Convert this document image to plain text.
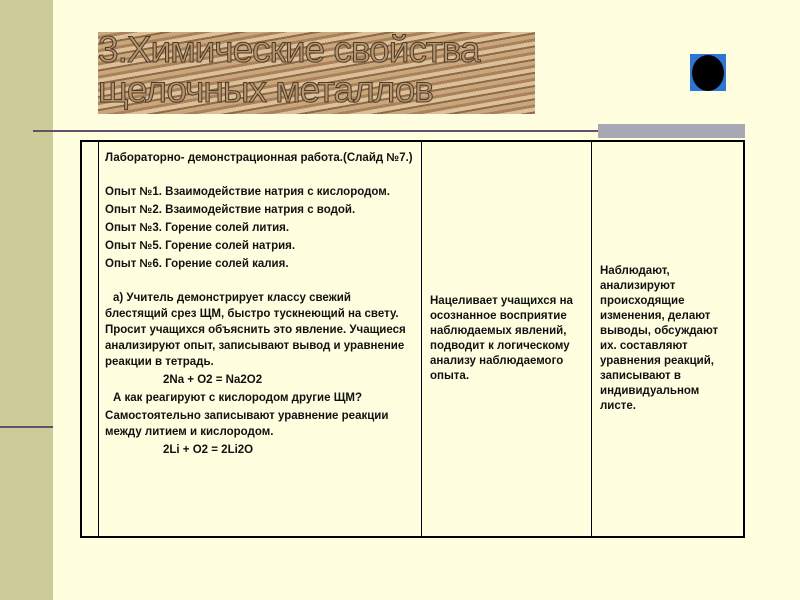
3.Химические свойства
щелочных металлов

Лабораторно- демонстрационная работа.(Слайд №7.)

Опыт №1. Взаимодействие натрия с кислородом.

Опыт №2. Взаимодействие натрия с водой.

Опыт №3. Горение солей лития.

Опыт №5. Горение солей натрия.

Опыт №6. Горение солей калия.

а) Учитель демонстрирует классу свежий блестящий срез ЩМ, быстро тускнеющий на свету. Просит учащихся объяснить это явление. Учащиеся анализируют опыт, записывают вывод и уравнение реакции в тетрадь.

2Na + O2 = Na2O2

А как реагируют с кислородом другие ЩМ?

Самостоятельно записывают уравнение реакции между литием и кислородом.

2Li + O2 = 2Li2O

Нацеливает учащихся на осознанное восприятие наблюдаемых явлений, подводит к логическому анализу наблюдаемого опыта.
Наблюдают, анализируют происходящие изменения, делают выводы, обсуждают их. составляют уравнения реакций, записывают в индивидуальном листе.
